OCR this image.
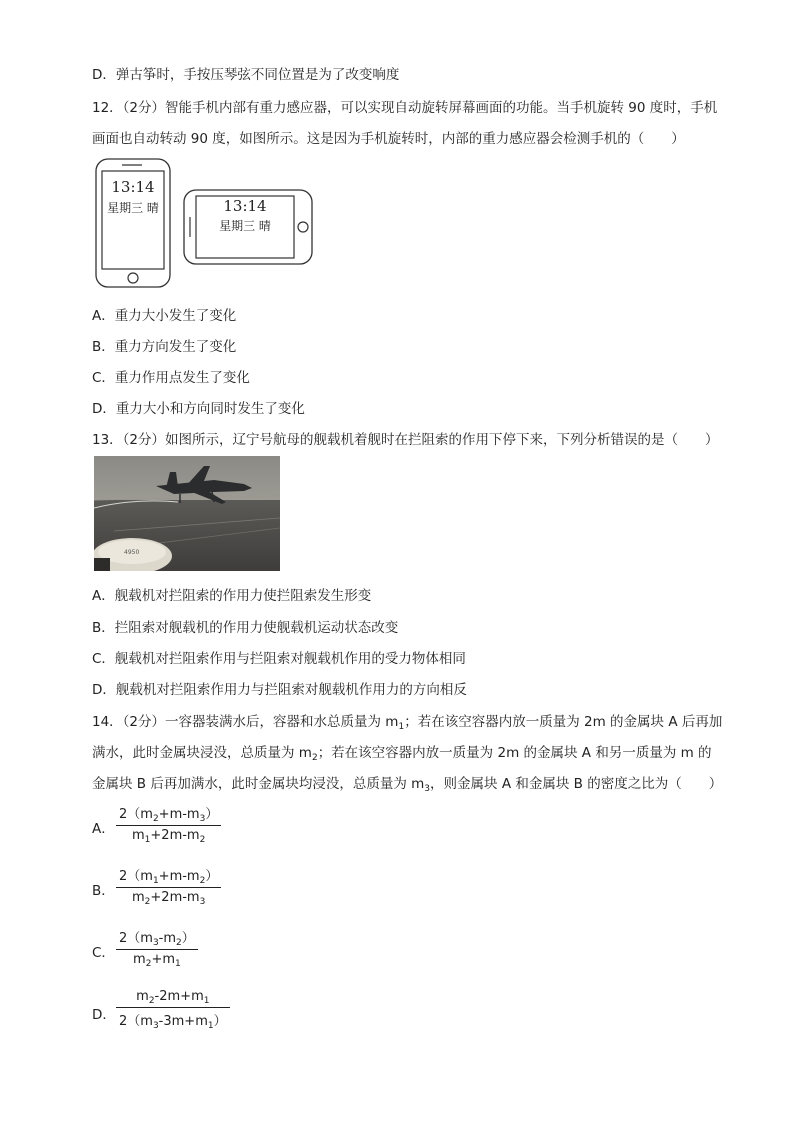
D．弹古筝时，手按压琴弦不同位置是为了改变响度
12．（2分）智能手机内部有重力感应器，可以实现自动旋转屏幕画面的功能。当手机旋转 90 度时，手机
画面也自动转动 90 度，如图所示。这是因为手机旋转时，内部的重力感应器会检测手机的（　　）
13:14
星期三 晴	13:14
星期三 晴
A．重力大小发生了变化
B．重力方向发生了变化
C．重力作用点发生了变化
D．重力大小和方向同时发生了变化
13．（2分）如图所示，辽宁号航母的舰载机着舰时在拦阻索的作用下停下来，下列分析错误的是（　　）
4950
A．舰载机对拦阻索的作用力使拦阻索发生形变
B．拦阻索对舰载机的作用力使舰载机运动状态改变
C．舰载机对拦阻索作用与拦阻索对舰载机作用的受力物体相同
D．舰载机对拦阻索作用力与拦阻索对舰载机作用力的方向相反
14．（2分）一容器装满水后，容器和水总质量为 $m_1$；若在该空容器内放一质量为 2m 的金属块 A 后再加
满水，此时金属块浸没，总质量为 $m_2$；若在该空容器内放一质量为 2m 的金属块 A 和另一质量为 m 的
金属块 B 后再加满水，此时金属块均浸没，总质量为 $m_3$，则金属块 A 和金属块 B 的密度之比为（　　）
A．
$2(m_2+m-m_3)$
$m_1+2m-m_2$
B．
$2(m_1+m-m_2)$
$m_2+2m-m_3$
C．
$2(m_3-m_2)$
$m_2+m_1$
D．
$m_2-2m+m_1$
$2(m_3-3m+m_1)$
